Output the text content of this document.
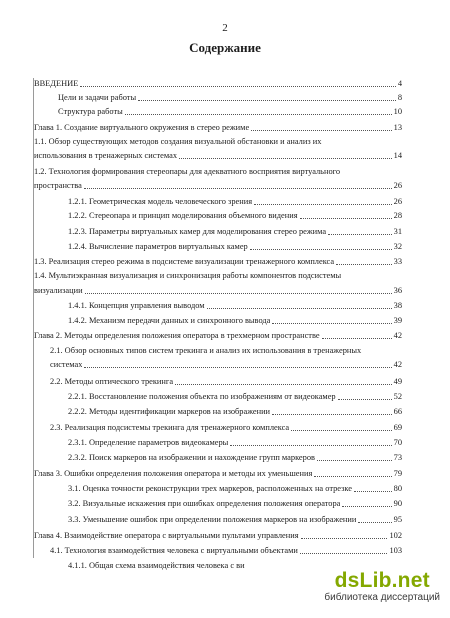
2
Содержание
ВВЕДЕНИЕ	4
Цели и задачи работы	8
Структура работы	10
Глава 1. Создание виртуального окружения в стерео режиме	13
1.1. Обзор существующих методов создания визуальной обстановки и анализ их
использования в тренажерных системах	14
1.2. Технология формирования стереопары для адекватного восприятия виртуального
пространства	26
1.2.1. Геометрическая модель человеческого зрения	26
1.2.2. Стереопара и принцип моделирования объемного видения	28
1.2.3. Параметры виртуальных камер для моделирования стерео режима	31
1.2.4. Вычисление параметров виртуальных камер	32
1.3. Реализация стерео режима в подсистеме визуализации тренажерного комплекса	33
1.4. Мультиэкранная визуализация и синхронизация работы компонентов подсистемы
визуализации	36
1.4.1. Концепция управления выводом	38
1.4.2. Механизм передачи данных и синхронного вывода	39
Глава 2. Методы определения положения оператора в трехмерном пространстве	42
2.1. Обзор основных типов систем трекинга и анализ их использования в тренажерных
системах	42
2.2. Методы оптического трекинга	49
2.2.1. Восстановление положения объекта по изображениям от видеокамер	52
2.2.2. Методы идентификации маркеров на изображении	66
2.3. Реализация подсистемы трекинга для тренажерного комплекса	69
2.3.1. Определение параметров видеокамеры	70
2.3.2. Поиск маркеров на изображении и нахождение групп маркеров	73
Глава 3. Ошибки определения положения оператора и методы их уменьшения	79
3.1. Оценка точности реконструкции трех маркеров, расположенных на отрезке	80
3.2. Визуальные искажения при ошибках определения положения оператора	90
3.3. Уменьшение ошибок при определении положения маркеров на изображении	95
Глава 4. Взаимодействие оператора с виртуальными пультами управления	102
4.1. Технология взаимодействия человека с виртуальными объектами	103
4.1.1. Общая схема взаимодействия человека с ви
dsLib.net
библиотека диссертаций
